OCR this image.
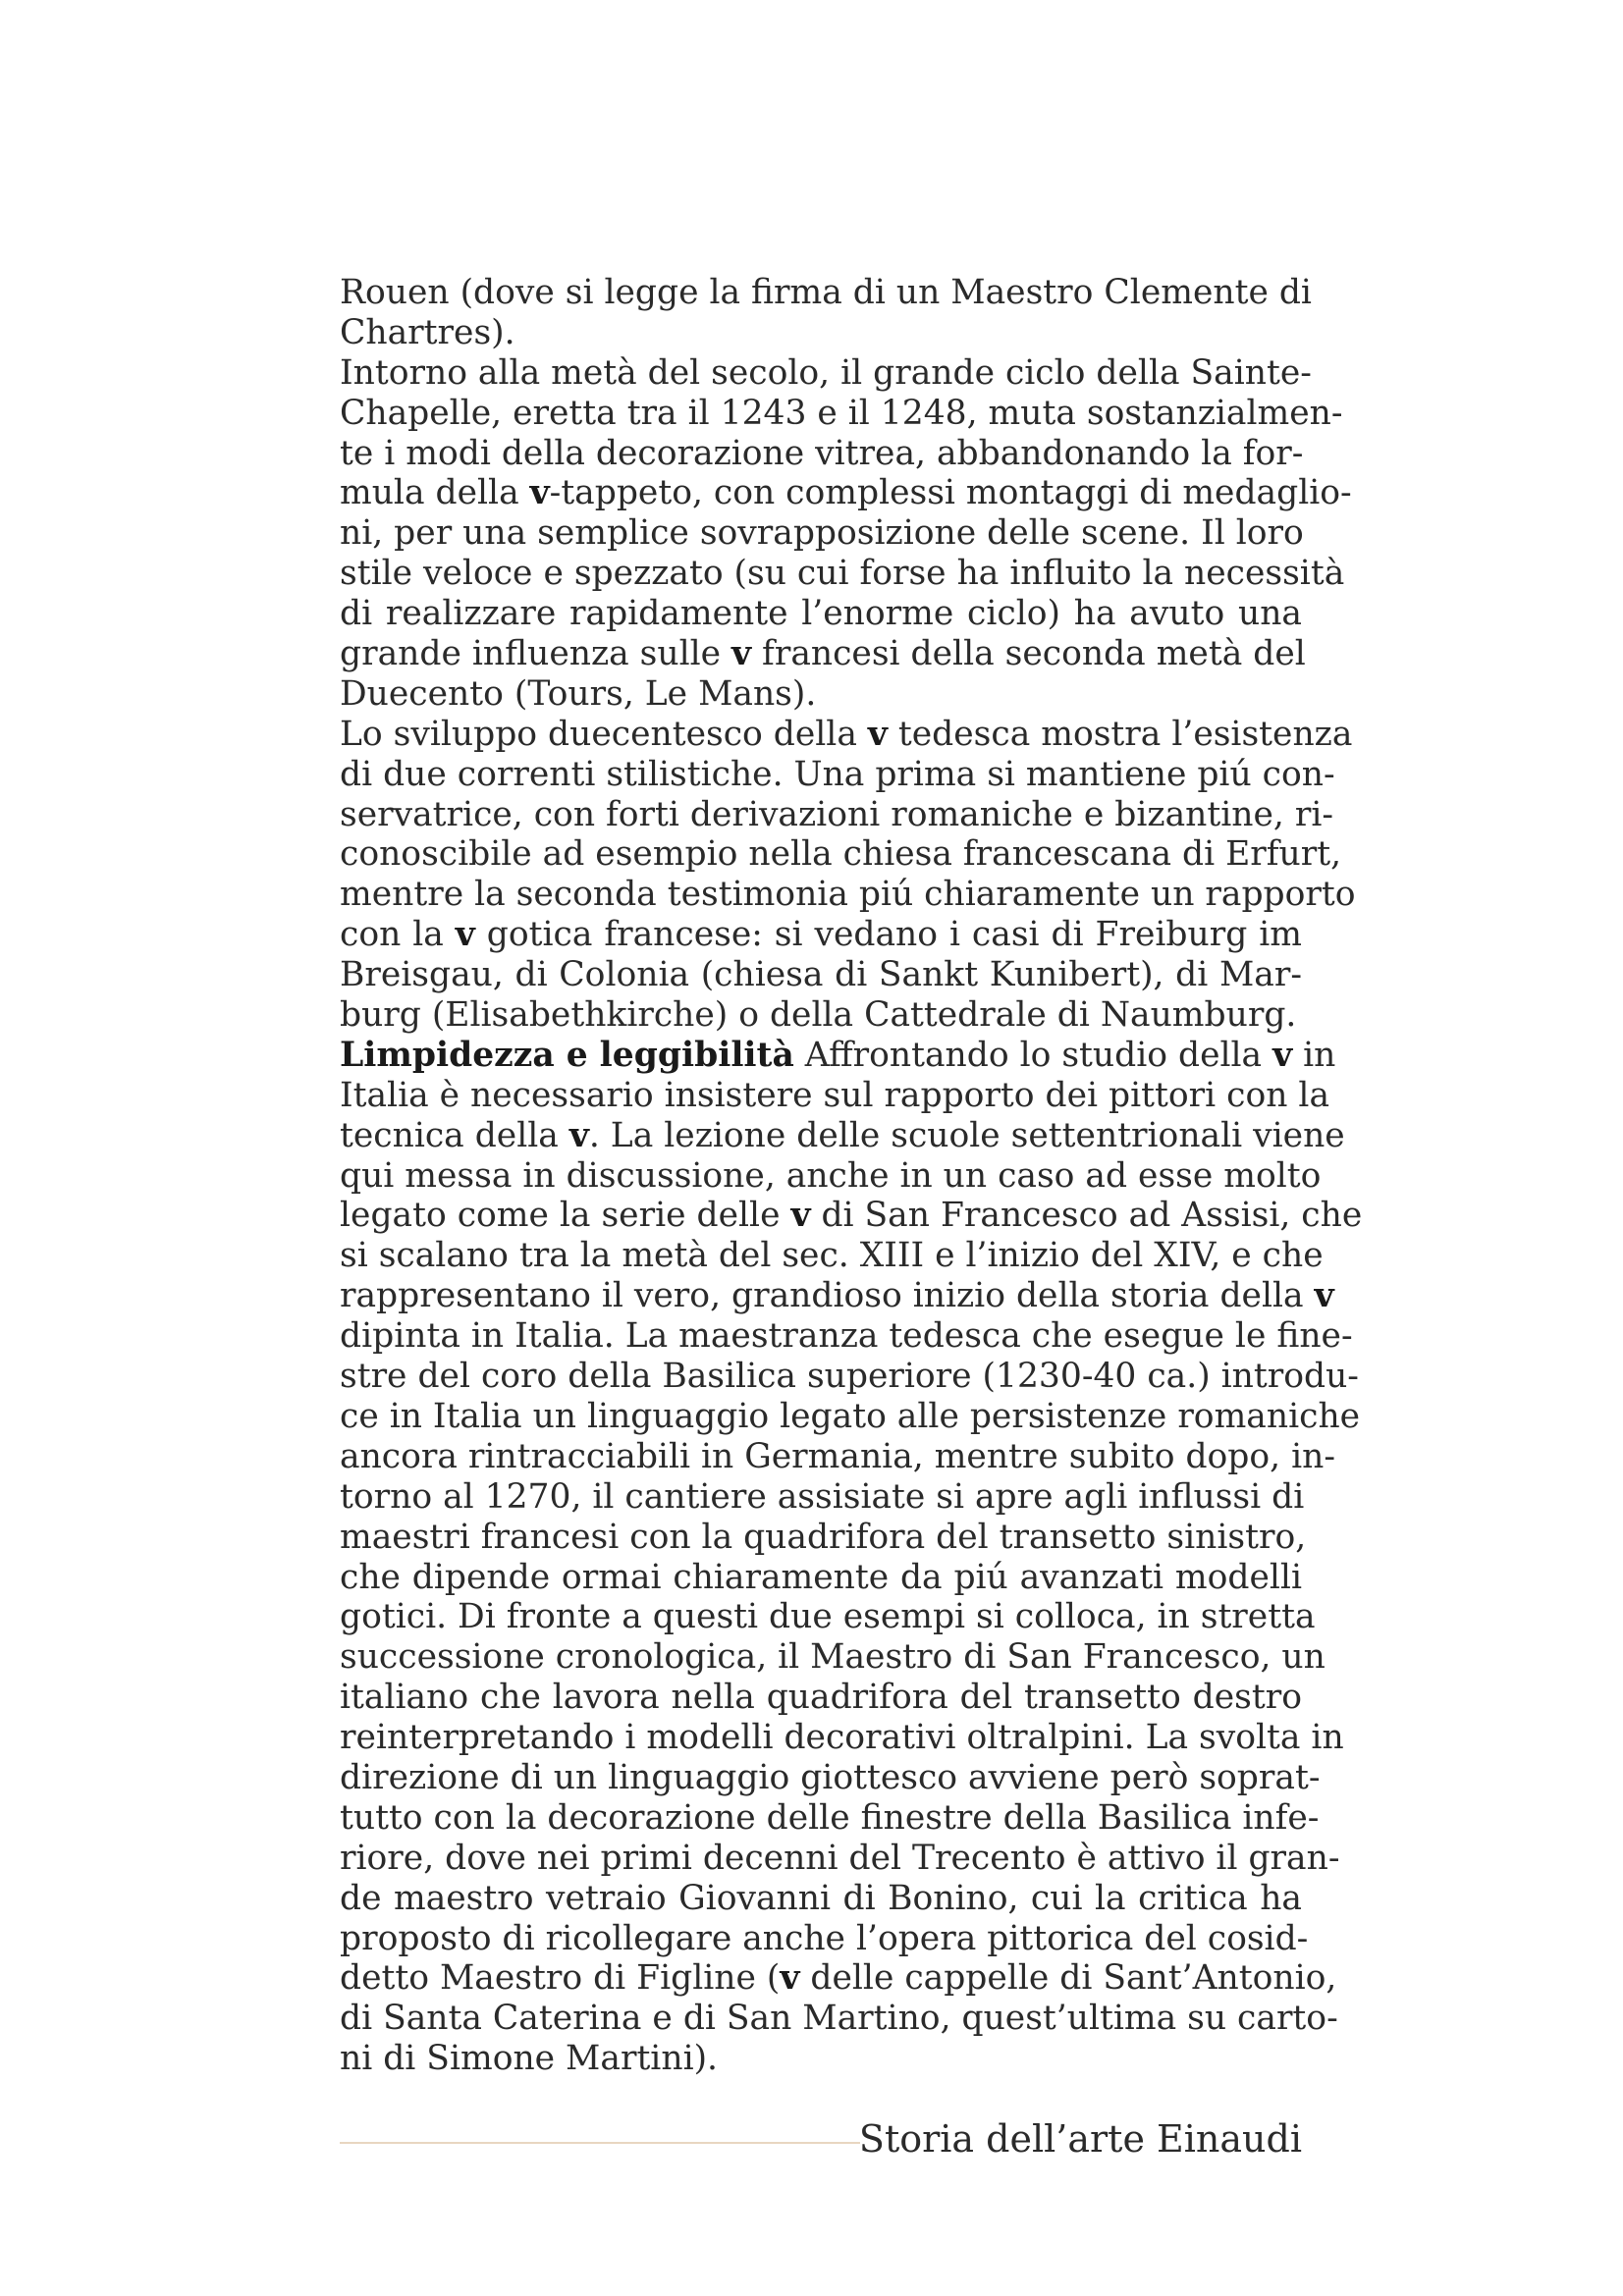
Rouen (dove si legge la firma di un Maestro Clemente di
Chartres).
Intorno alla metà del secolo, il grande ciclo della Sainte-
Chapelle, eretta tra il 1243 e il 1248, muta sostanzialmen-
te i modi della decorazione vitrea, abbandonando la for-
mula della v-tappeto, con complessi montaggi di medaglio-
ni, per una semplice sovrapposizione delle scene. Il loro
stile veloce e spezzato (su cui forse ha influito la necessità
di realizzare rapidamente l’enorme ciclo) ha avuto una
grande influenza sulle v francesi della seconda metà del
Duecento (Tours, Le Mans).
Lo sviluppo duecentesco della v tedesca mostra l’esistenza
di due correnti stilistiche. Una prima si mantiene piú con-
servatrice, con forti derivazioni romaniche e bizantine, ri-
conoscibile ad esempio nella chiesa francescana di Erfurt,
mentre la seconda testimonia piú chiaramente un rapporto
con la v gotica francese: si vedano i casi di Freiburg im
Breisgau, di Colonia (chiesa di Sankt Kunibert), di Mar-
burg (Elisabethkirche) o della Cattedrale di Naumburg.
Limpidezza e leggibilità Affrontando lo studio della v in
Italia è necessario insistere sul rapporto dei pittori con la
tecnica della v. La lezione delle scuole settentrionali viene
qui messa in discussione, anche in un caso ad esse molto
legato come la serie delle v di San Francesco ad Assisi, che
si scalano tra la metà del sec. XIII e l’inizio del XIV, e che
rappresentano il vero, grandioso inizio della storia della v
dipinta in Italia. La maestranza tedesca che esegue le fine-
stre del coro della Basilica superiore (1230-40 ca.) introdu-
ce in Italia un linguaggio legato alle persistenze romaniche
ancora rintracciabili in Germania, mentre subito dopo, in-
torno al 1270, il cantiere assisiate si apre agli influssi di
maestri francesi con la quadrifora del transetto sinistro,
che dipende ormai chiaramente da piú avanzati modelli
gotici. Di fronte a questi due esempi si colloca, in stretta
successione cronologica, il Maestro di San Francesco, un
italiano che lavora nella quadrifora del transetto destro
reinterpretando i modelli decorativi oltralpini. La svolta in
direzione di un linguaggio giottesco avviene però soprat-
tutto con la decorazione delle finestre della Basilica infe-
riore, dove nei primi decenni del Trecento è attivo il gran-
de maestro vetraio Giovanni di Bonino, cui la critica ha
proposto di ricollegare anche l’opera pittorica del cosid-
detto Maestro di Figline (v delle cappelle di Sant’Antonio,
di Santa Caterina e di San Martino, quest’ultima su carto-
ni di Simone Martini).
Storia dell’arte Einaudi
